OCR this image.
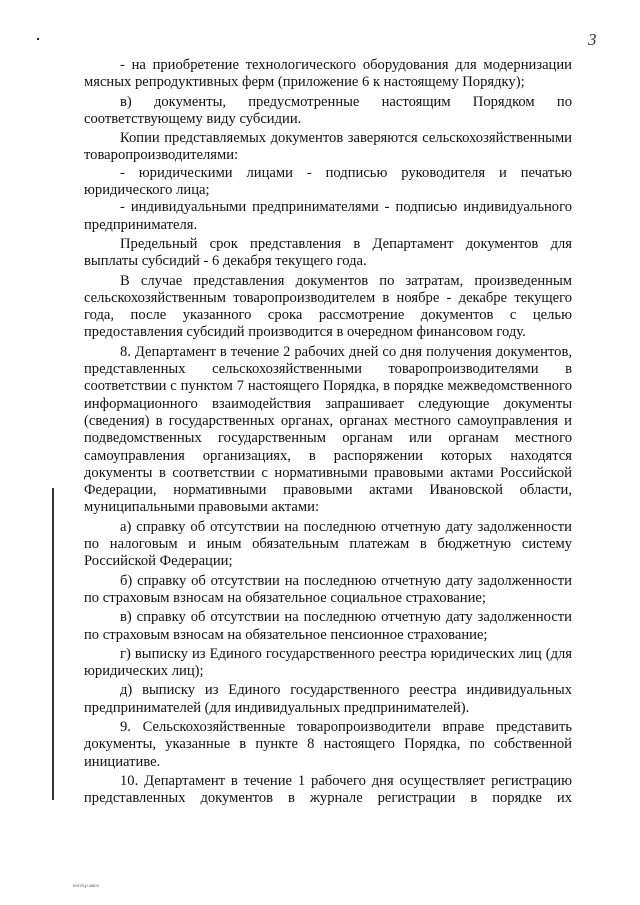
3

- на приобретение технологического оборудования для модернизации мясных репродуктивных ферм (приложение 6 к настоящему Порядку);

в) документы, предусмотренные настоящим Порядком по соответствующему виду субсидии.

Копии представляемых документов заверяются сельскохозяйственными товаропроизводителями:

- юридическими лицами - подписью руководителя и печатью юридического лица;

- индивидуальными предпринимателями - подписью индивидуального предпринимателя.

Предельный срок представления в Департамент документов для выплаты субсидий - 6 декабря текущего года.

В случае представления документов по затратам, произведенным сельскохозяйственным товаропроизводителем в ноябре - декабре текущего года, после указанного срока рассмотрение документов с целью предоставления субсидий производится в очередном финансовом году.

8. Департамент в течение 2 рабочих дней со дня получения документов, представленных сельскохозяйственными товаропроизводителями в соответствии с пунктом 7 настоящего Порядка, в порядке межведомственного информационного взаимодействия запрашивает следующие документы (сведения) в государственных органах, органах местного самоуправления и подведомственных государственным органам или органам местного самоуправления организациях, в распоряжении которых находятся документы в соответствии с нормативными правовыми актами Российской Федерации, нормативными правовыми актами Ивановской области, муниципальными правовыми актами:

а) справку об отсутствии на последнюю отчетную дату задолженности по налоговым и иным обязательным платежам в бюджетную систему Российской Федерации;

б) справку об отсутствии на последнюю отчетную дату задолженности по страховым взносам на обязательное социальное страхование;

в) справку об отсутствии на последнюю отчетную дату задолженности по страховым взносам на обязательное пенсионное страхование;

г) выписку из Единого государственного реестра юридических лиц (для юридических лиц);

д) выписку из Единого государственного реестра индивидуальных предпринимателей (для индивидуальных предпринимателей).

9. Сельскохозяйственные товаропроизводители вправе представить документы, указанные в пункте 8 настоящего Порядка, по собственной инициативе.

10. Департамент в течение 1 рабочего дня осуществляет регистрацию представленных документов в журнале регистрации в порядке их

пост.р.мясо
